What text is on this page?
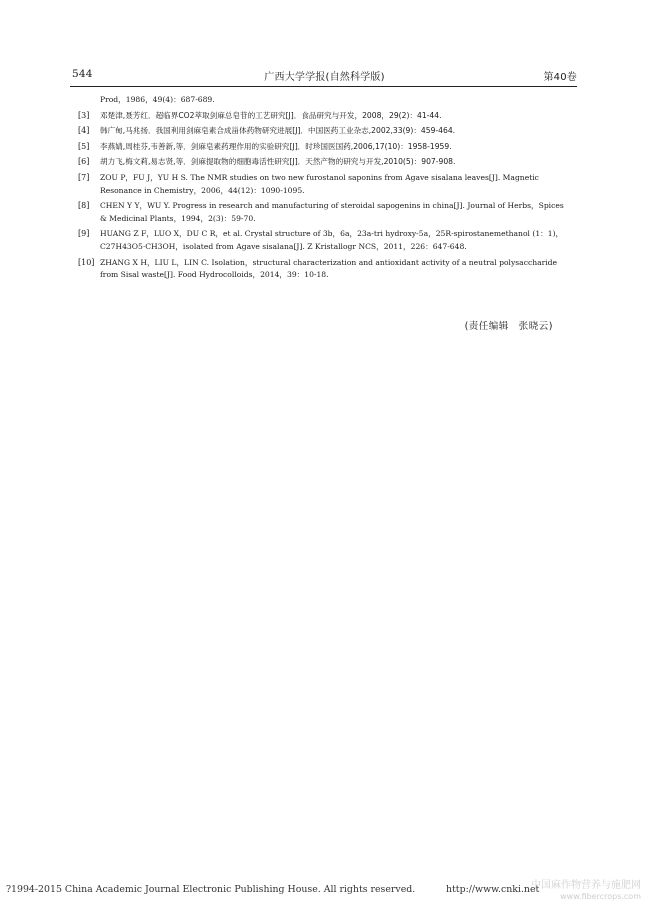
544	广西大学学报(自然科学版)	第40卷
Prod，1986，49(4)：687-689.
[3] 邓楚津,聂芳红．超临界CO2萃取剑麻总皂苷的工艺研究[J]．食品研究与开发，2008，29(2)：41-44.
[4] 韩广甸,马兆扬．我国利用剑麻皂素合成甾体药物研究进展[J]．中国医药工业杂志,2002,33(9)：459-464.
[5] 李燕婧,周桂芬,韦善新,等．剑麻皂素药理作用的实验研究[J]．时珍国医国药,2006,17(10)：1958-1959.
[6] 胡力飞,梅文莉,易志贤,等．剑麻提取物的细胞毒活性研究[J]．天然产物的研究与开发,2010(5)：907-908.
[7] ZOU P，FU J，YU H S. The NMR studies on two new furostanol saponins from Agave sisalana leaves[J]. Magnetic Resonance in Chemistry，2006，44(12)：1090-1095.
[8] CHEN Y Y，WU Y. Progress in research and manufacturing of steroidal sapogenins in china[J]. Journal of Herbs，Spices & Medicinal Plants，1994，2(3)：59-70.
[9] HUANG Z F，LUO X，DU C R，et al. Crystal structure of 3b，6a，23a-tri hydroxy-5a，25R-spirostanemethanol (1：1)，C27H43O5·CH3OH，isolated from Agave sisalana[J]. Z Kristallogr NCS，2011，226：647-648.
[10] ZHANG X H，LIU L，LIN C. Isolation，structural characterization and antioxidant activity of a neutral polysaccharide from Sisal waste[J]. Food Hydrocolloids，2014，39：10-18.
(责任编辑　张晓云)
?1994-2015 China Academic Journal Electronic Publishing House. All rights reserved.	http://www.cnki.net
中国麻作物营养与施肥网
www.fibercrops.com
